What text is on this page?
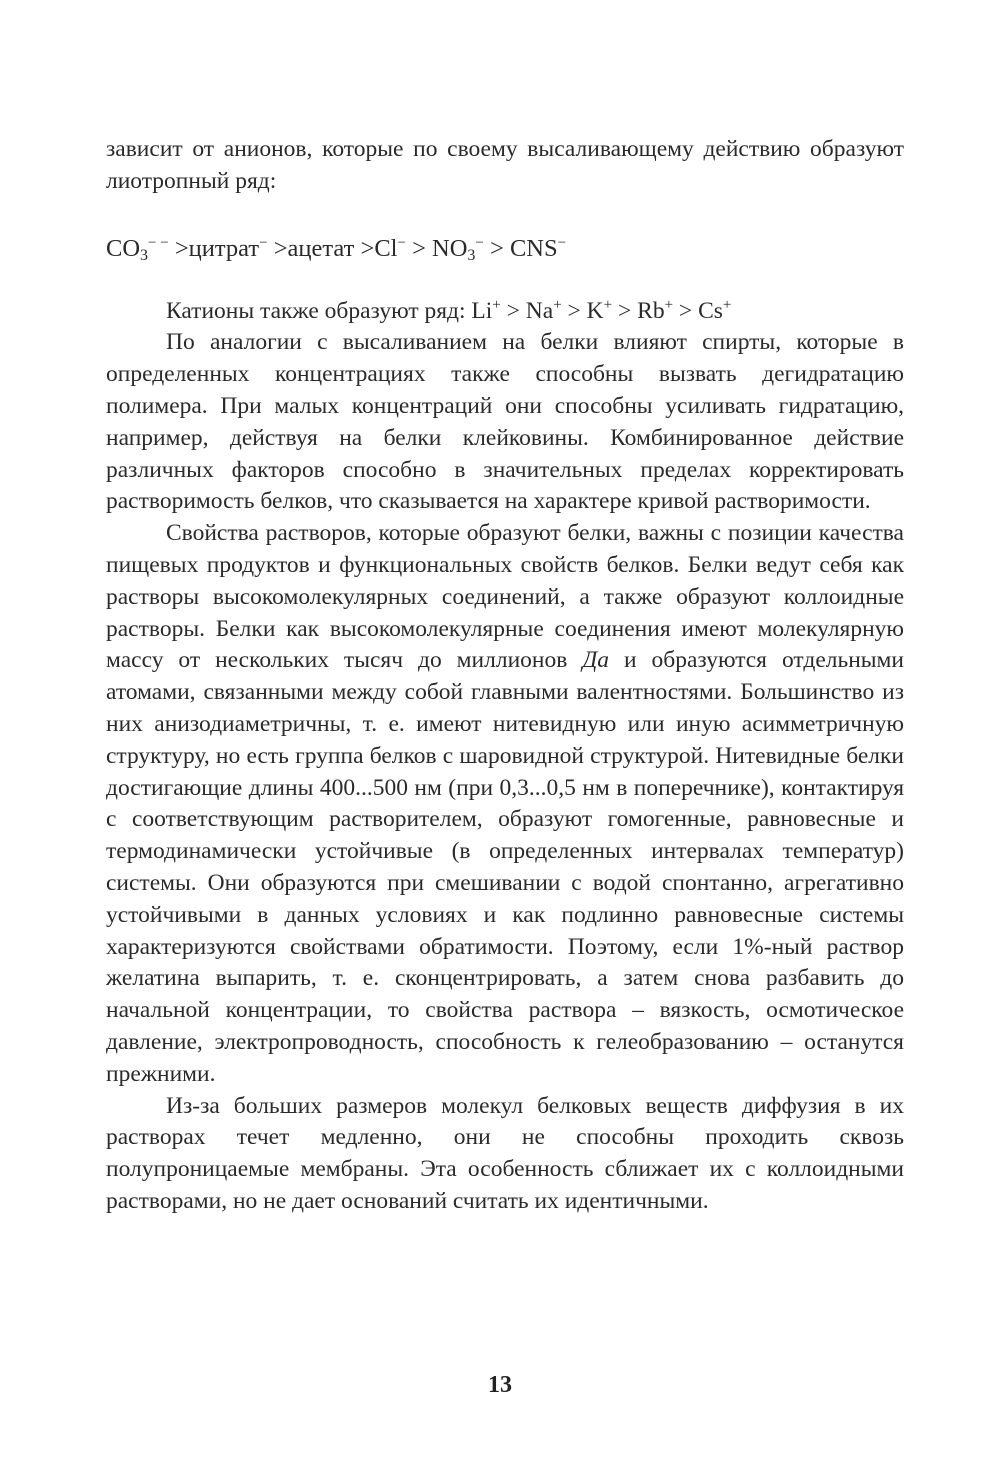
зависит от анионов, которые по своему высаливающему действию образуют лиотропный ряд:

$CO_3^{- -}$ >цитрат− >ацетат $>Cl^- > NO_3^- > CNS^-$

Катионы также образуют ряд: Li+ > Na+ > K+ > Rb+ > Cs+

По аналогии с высаливанием на белки влияют спирты, которые в определенных концентрациях также способны вызвать дегидратацию полимера. При малых концентраций они способны усиливать гидратацию, например, действуя на белки клейковины. Комбинированное действие различных факторов способно в значительных пределах корректировать растворимость белков, что сказывается на характере кривой растворимости.

Свойства растворов, которые образуют белки, важны с позиции качества пищевых продуктов и функциональных свойств белков. Белки ведут себя как растворы высокомолекулярных соединений, а также образуют коллоидные растворы. Белки как высокомолекулярные соединения имеют молекулярную массу от нескольких тысяч до миллионов Да и образуются отдельными атомами, связанными между собой главными валентностями. Большинство из них анизодиаметричны, т. е. имеют нитевидную или иную асимметричную структуру, но есть группа белков с шаровидной структурой. Нитевидные белки достигающие длины 400...500 нм (при 0,3...0,5 нм в поперечнике), контактируя с соответствующим растворителем, образуют гомогенные, равновесные и термодинамически устойчивые (в определенных интервалах температур) системы. Они образуются при смешивании с водой спонтанно, агрегативно устойчивыми в данных условиях и как подлинно равновесные системы характеризуются свойствами обратимости. Поэтому, если 1%-ный раствор желатина выпарить, т. е. сконцентрировать, а затем снова разбавить до начальной концентрации, то свойства раствора – вязкость, осмотическое давление, электропроводность, способность к гелеобразованию – останутся прежними.

Из-за больших размеров молекул белковых веществ диффузия в их растворах течет медленно, они не способны проходить сквозь полупроницаемые мембраны. Эта особенность сближает их с коллоидными растворами, но не дает оснований считать их идентичными.

13
